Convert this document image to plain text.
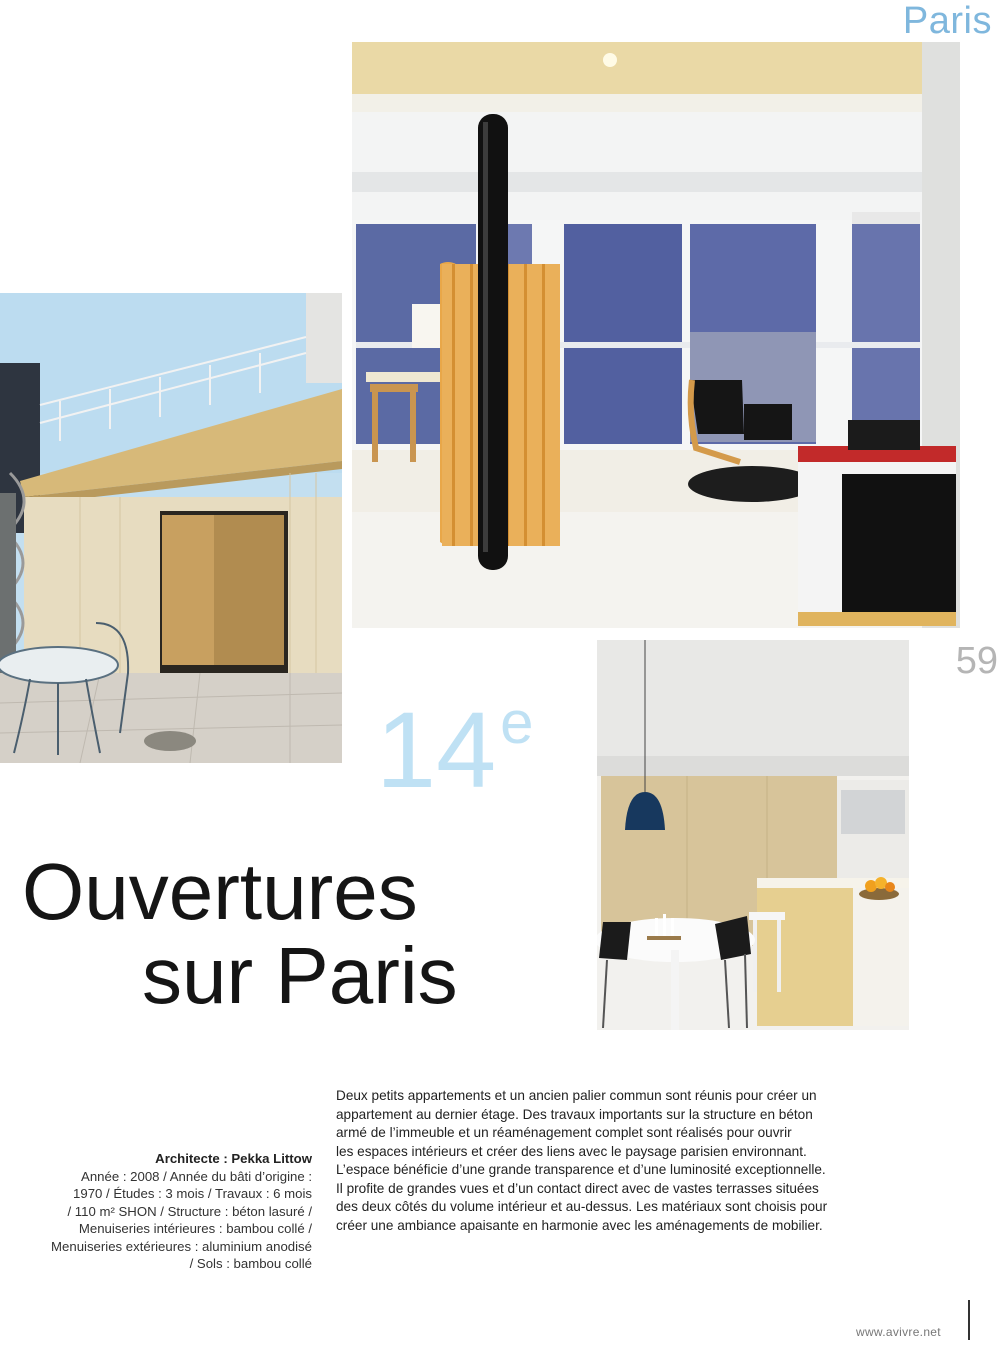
Paris
59
14e
Ouvertures
sur Paris
Architecte : Pekka Littow
Année : 2008 / Année du bâti d’origine :
1970 / Études : 3 mois / Travaux : 6 mois
/ 110 m² SHON / Structure : béton lasuré /
Menuiseries intérieures : bambou collé /
Menuiseries extérieures : aluminium anodisé
/ Sols : bambou collé
Deux petits appartements et un ancien palier commun sont réunis pour créer un
appartement au dernier étage. Des travaux importants sur la structure en béton
armé de l’immeuble et un réaménagement complet sont réalisés pour ouvrir
les espaces intérieurs et créer des liens avec le paysage parisien environnant.
L’espace bénéficie d’une grande transparence et d’une luminosité exceptionnelle.
Il profite de grandes vues et d’un contact direct avec de vastes terrasses situées
des deux côtés du volume intérieur et au-dessus. Les matériaux sont choisis pour
créer une ambiance apaisante en harmonie avec les aménagements de mobilier.
www.avivre.net
